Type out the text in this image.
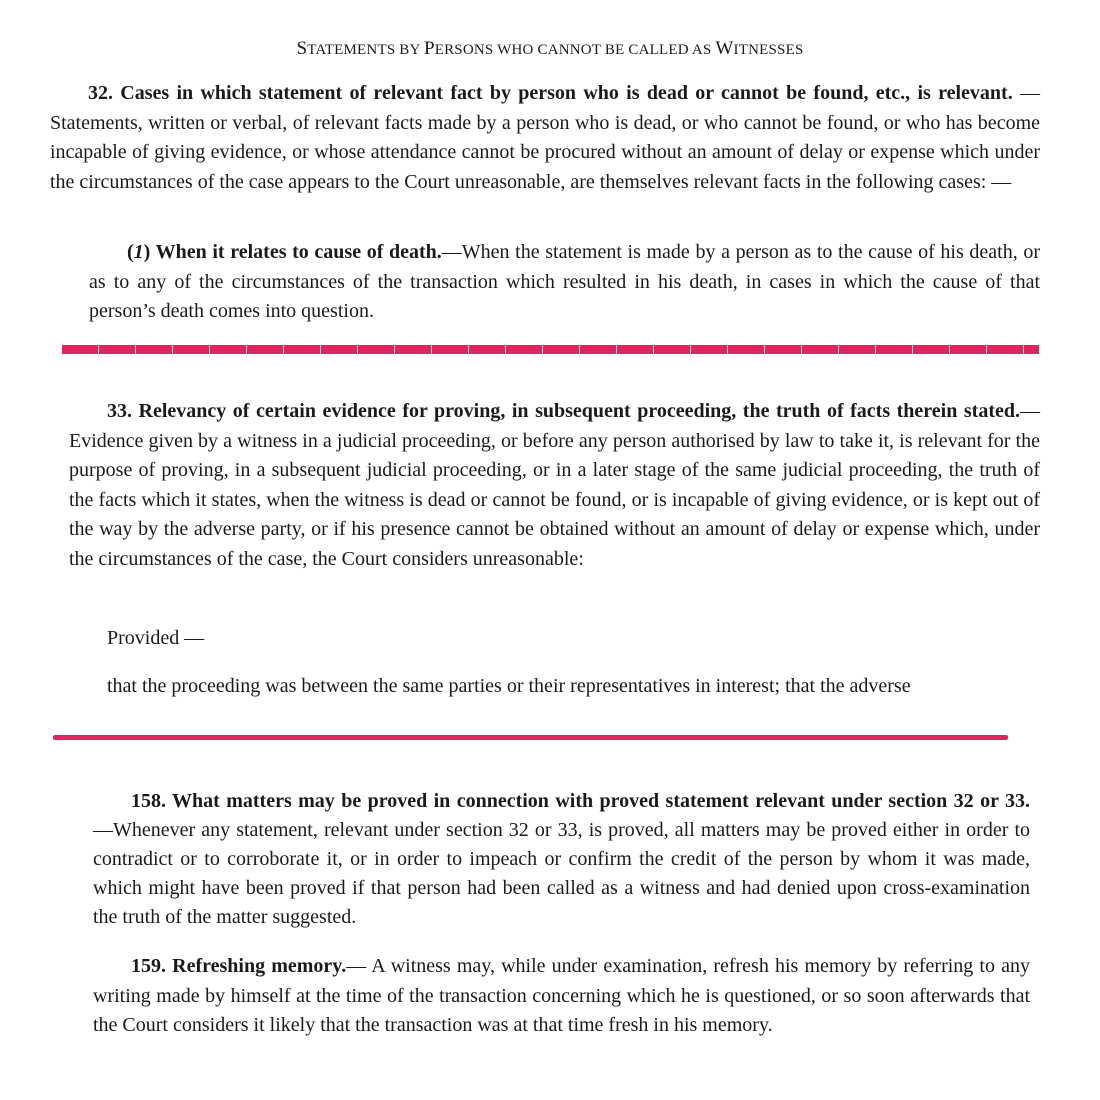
STATEMENTS BY PERSONS WHO CANNOT BE CALLED AS WITNESSES

32. Cases in which statement of relevant fact by person who is dead or cannot be found, etc., is relevant. — Statements, written or verbal, of relevant facts made by a person who is dead, or who cannot be found, or who has become incapable of giving evidence, or whose attendance cannot be procured without an amount of delay or expense which under the circumstances of the case appears to the Court unreasonable, are themselves relevant facts in the following cases: —

(1) When it relates to cause of death.—When the statement is made by a person as to the cause of his death, or as to any of the circumstances of the transaction which resulted in his death, in cases in which the cause of that person’s death comes into question.

33. Relevancy of certain evidence for proving, in subsequent proceeding, the truth of facts therein stated.—Evidence given by a witness in a judicial proceeding, or before any person authorised by law to take it, is relevant for the purpose of proving, in a subsequent judicial proceeding, or in a later stage of the same judicial proceeding, the truth of the facts which it states, when the witness is dead or cannot be found, or is incapable of giving evidence, or is kept out of the way by the adverse party, or if his presence cannot be obtained without an amount of delay or expense which, under the circumstances of the case, the Court considers unreasonable:

Provided —

that the proceeding was between the same parties or their representatives in interest; that the adverse

158. What matters may be proved in connection with proved statement relevant under section 32 or 33. —Whenever any statement, relevant under section 32 or 33, is proved, all matters may be proved either in order to contradict or to corroborate it, or in order to impeach or confirm the credit of the person by whom it was made, which might have been proved if that person had been called as a witness and had denied upon cross-examination the truth of the matter suggested.

159. Refreshing memory.— A witness may, while under examination, refresh his memory by referring to any writing made by himself at the time of the transaction concerning which he is questioned, or so soon afterwards that the Court considers it likely that the transaction was at that time fresh in his memory.
